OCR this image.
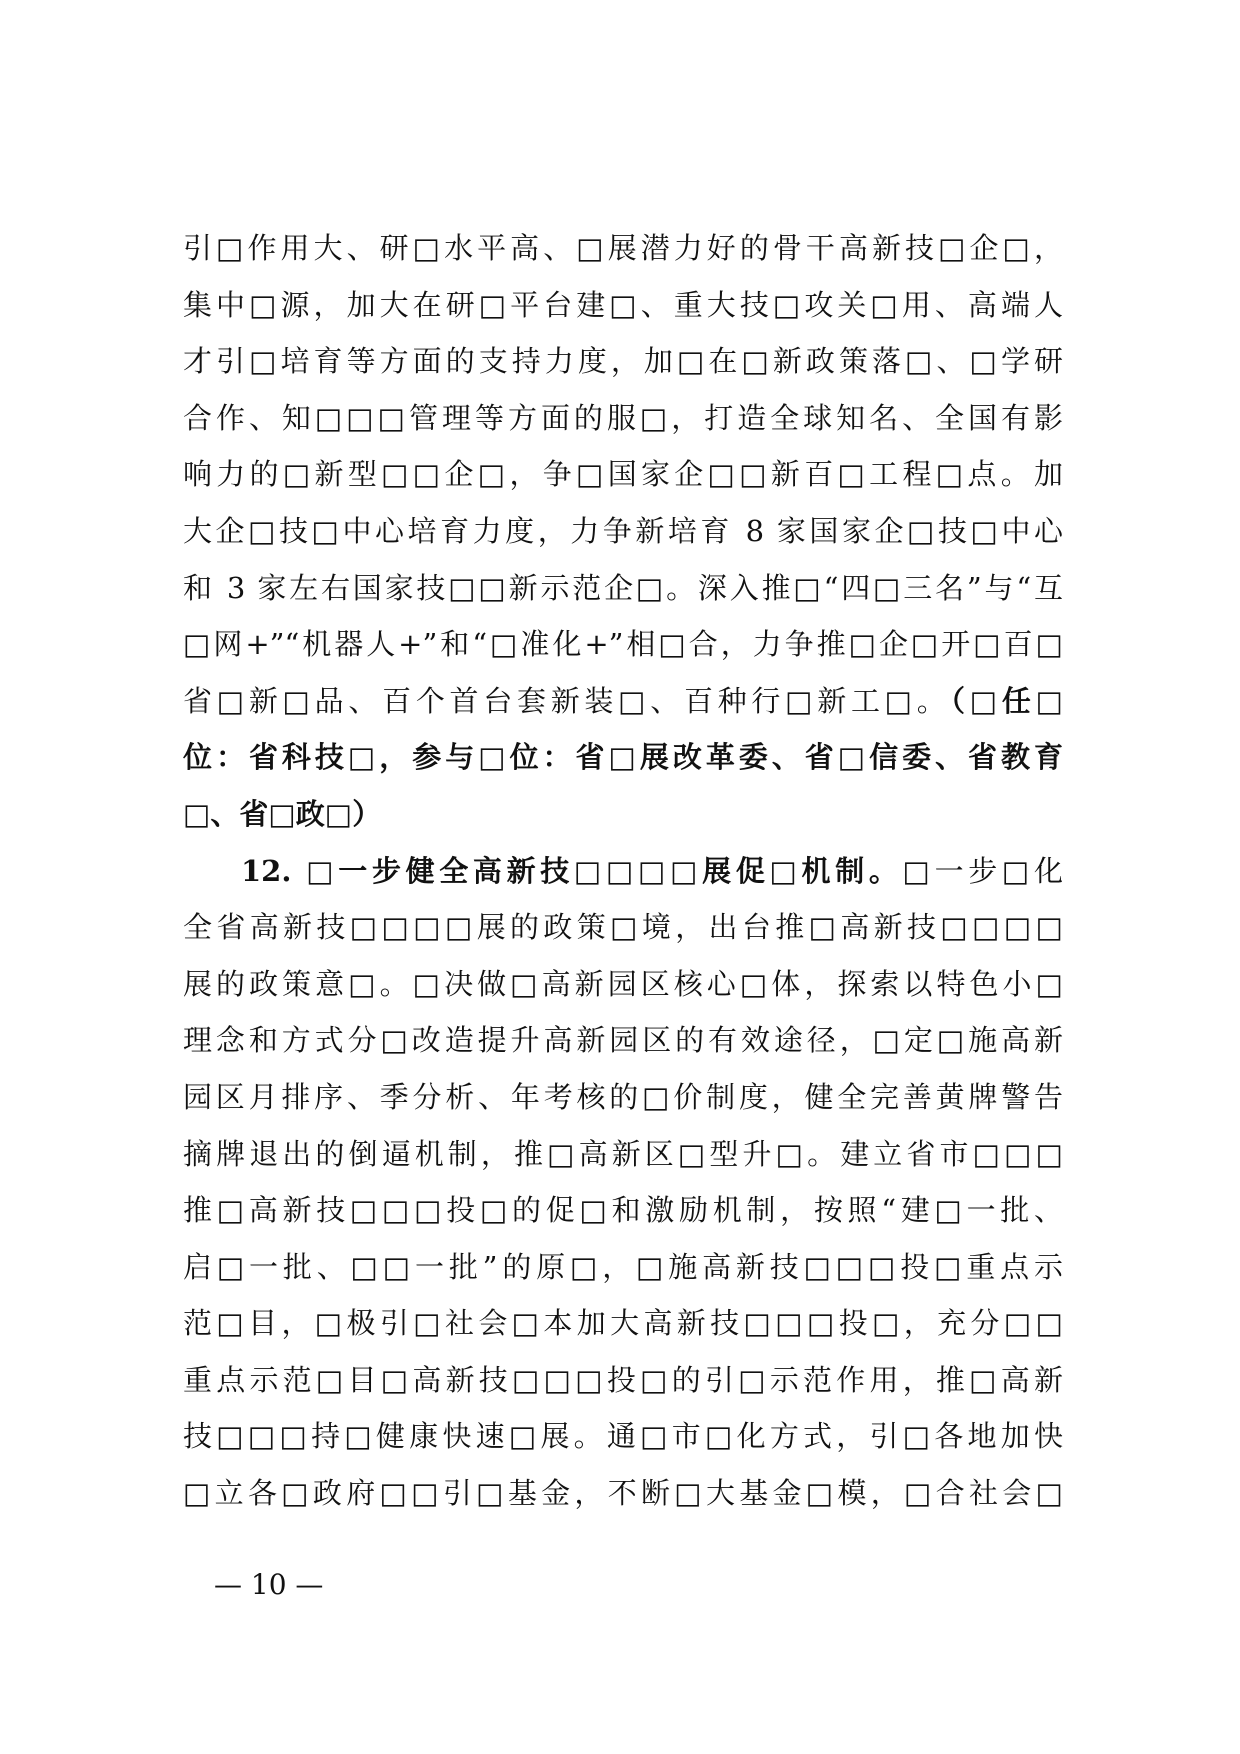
引□作用大、研□水平高、□展潜力好的骨干高新技□企□，
集中□源，加大在研□平台建□、重大技□攻关□用、高端人
才引□培育等方面的支持力度，加□在□新政策落□、□学研
合作、知□□□管理等方面的服□，打造全球知名、全国有影
响力的□新型□□企□，争□国家企□□新百□工程□点。加
大企□技□中心培育力度，力争新培育 8 家国家企□技□中心
和 3 家左右国家技□□新示范企□。深入推□“四□三名”与“互
□网+”“机器人+”和“□准化+”相□合，力争推□企□开□百□
省□新□品、百个首台套新装□、百种行□新工□。（□任□
位：省科技□，参与□位：省□展改革委、省□信委、省教育
□、省□政□）
12. □一步健全高新技□□□□展促□机制。□一步□化
全省高新技□□□□展的政策□境，出台推□高新技□□□□
展的政策意□。□决做□高新园区核心□体，探索以特色小□
理念和方式分□改造提升高新园区的有效途径，□定□施高新
园区月排序、季分析、年考核的□价制度，健全完善黄牌警告
摘牌退出的倒逼机制，推□高新区□型升□。建立省市□□□
推□高新技□□□投□的促□和激励机制，按照“建□一批、
启□一批、□□一批”的原□，□施高新技□□□投□重点示
范□目，□极引□社会□本加大高新技□□□投□，充分□□
重点示范□目□高新技□□□投□的引□示范作用，推□高新
技□□□持□健康快速□展。通□市□化方式，引□各地加快
□立各□政府□□引□基金，不断□大基金□模，□合社会□
— 10 —
